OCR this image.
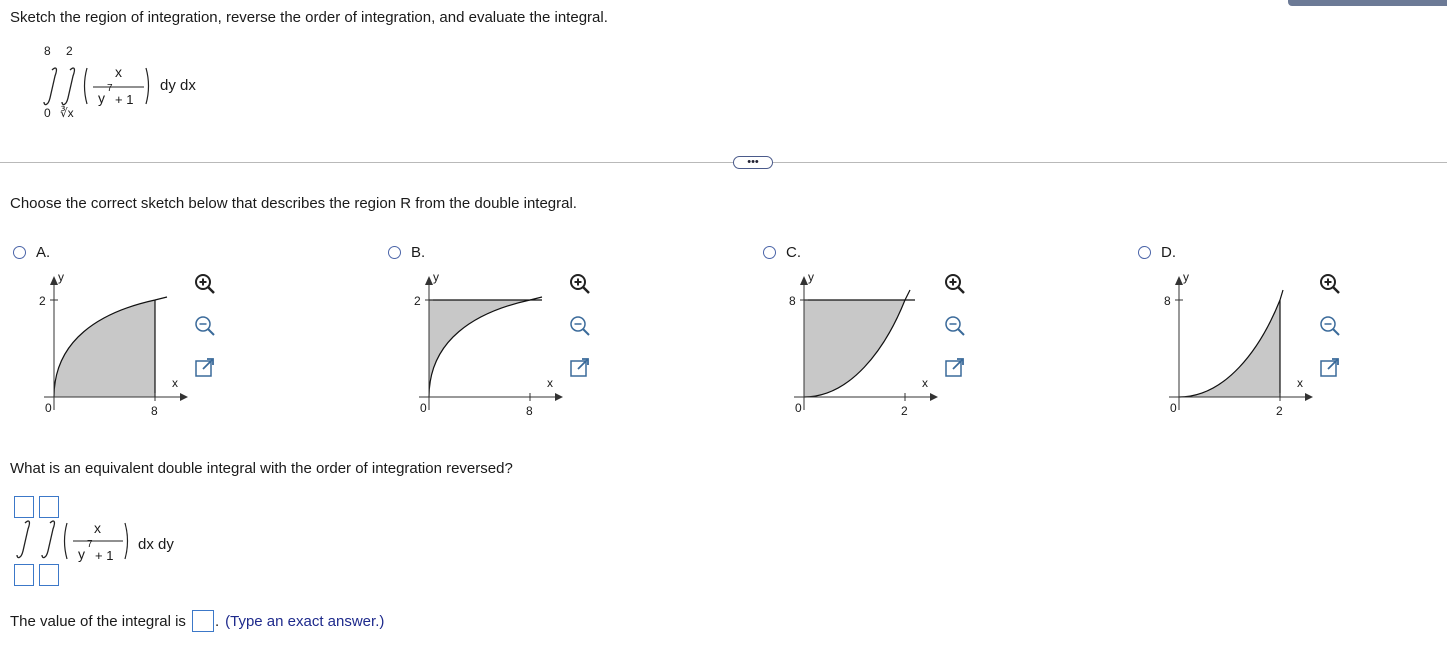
Sketch the region of integration, reverse the order of integration, and evaluate the integral.
8 2
0 ∛x
x
y
7
+ 1
dy dx
•••
Choose the correct sketch below that describes the region R from the double integral.
A.
y
2
x
0	8
B.
y
2
x
0	8
C.
y
8
x
0	2
D.
y
8
x
0	2
What is an equivalent double integral with the order of integration reversed?
x
y
7
+ 1
dx dy
The value of the integral is . (Type an exact answer.)
